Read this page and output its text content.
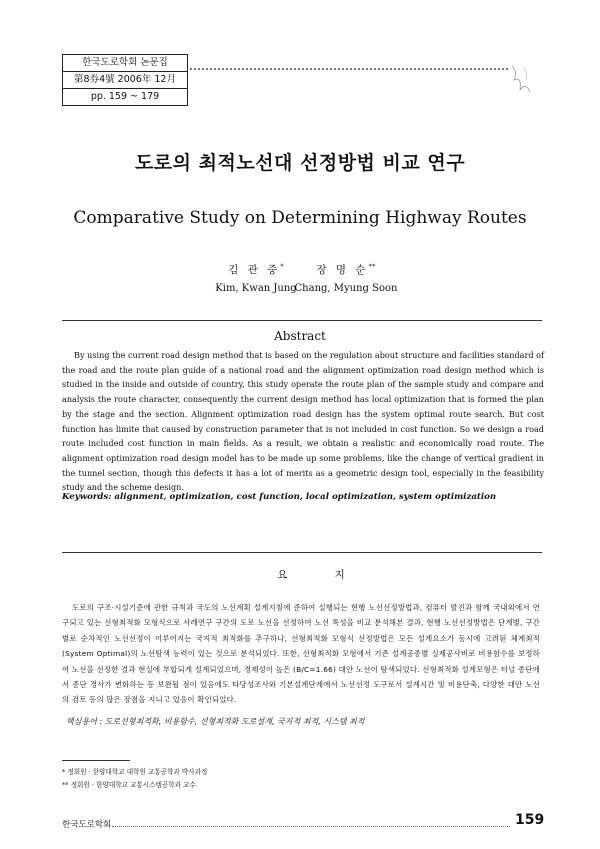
한국도로학회 논문집
第8券4號 2006年 12月
pp. 159 ~ 179
도로의 최적노선대 선정방법 비교 연구
Comparative Study on Determining Highway Routes
김 관 중*
Kim, Kwan Jung
장 명 순**
Chang, Myung Soon
Abstract
By using the current road design method that is based on the regulation about structure and facilities standard of the road and the route plan guide of a national road and the alignment optimization road design method which is studied in the inside and outside of country, this study operate the route plan of the sample study and compare and analysis the route character, consequently the current design method has local optimization that is formed the plan by the stage and the section. Alignment optimization road design has the system optimal route search. But cost function has limite that caused by construction parameter that is not included in cost function. So we design a road route included cost function in main fields. As a result, we obtain a realistic and economically road route. The alignment optimization road design model has to be made up some problems, like the change of vertical gradient in the tunnel section, though this defects it has a lot of merits as a geometric design tool, especially in the feasibility study and the scheme design.
Keywords: alignment, optimization, cost function, local optimization, system optimization
요 지
도로의 구조·시설기준에 관한 규칙과 국도의 노선계획 설계지침에 준하여 실행되는 현행 노선선정방법과, 컴퓨터 발진과 함께 국내외에서 연구되고 있는 선형최적화 모형식으로 사례연구 구간의 도로 노선을 선정하여 노선 특성을 비교 분석해본 결과, 현행 노선선정방법은 단계별, 구간별로 순차적인 노선선정이 이루어지는 국지적 최적화를 추구하나, 선형최적화 모형식 선정방법은 모든 설계요소가 동시에 고려된 체계최적(System Optimal)의 노선탐색 능력이 있는 것으로 분석되었다. 또한, 선형최적화 모형에서 기존 설계공종별 실제공사비로 비용함수를 보정하여 노선을 선정한 결과 현실에 부합되게 설계되었으며, 경제성이 높은 (B/C=1.66) 대안 노선이 탐색되었다. 선형최적화 설계모형은 터널 종단에서 종단 경사가 변화하는 등 보완될 점이 있음에도 타당성조사와 기본설계단계에서 노선선정 도구로서 설계시간 및 비용단축, 다양한 대안 노선의 검토 등의 많은 장점을 지니고 있음이 확인되었다.
핵심용어 : 도로선형최적화, 비용함수, 선형최적화 도로설계, 국지적 최적, 시스템 최적
* 정회원 · 한양대학교 대학원 교통공학과 박사과정
** 정회원 · 한양대학교 교통시스템공학과 교수
한국도로학회	159
